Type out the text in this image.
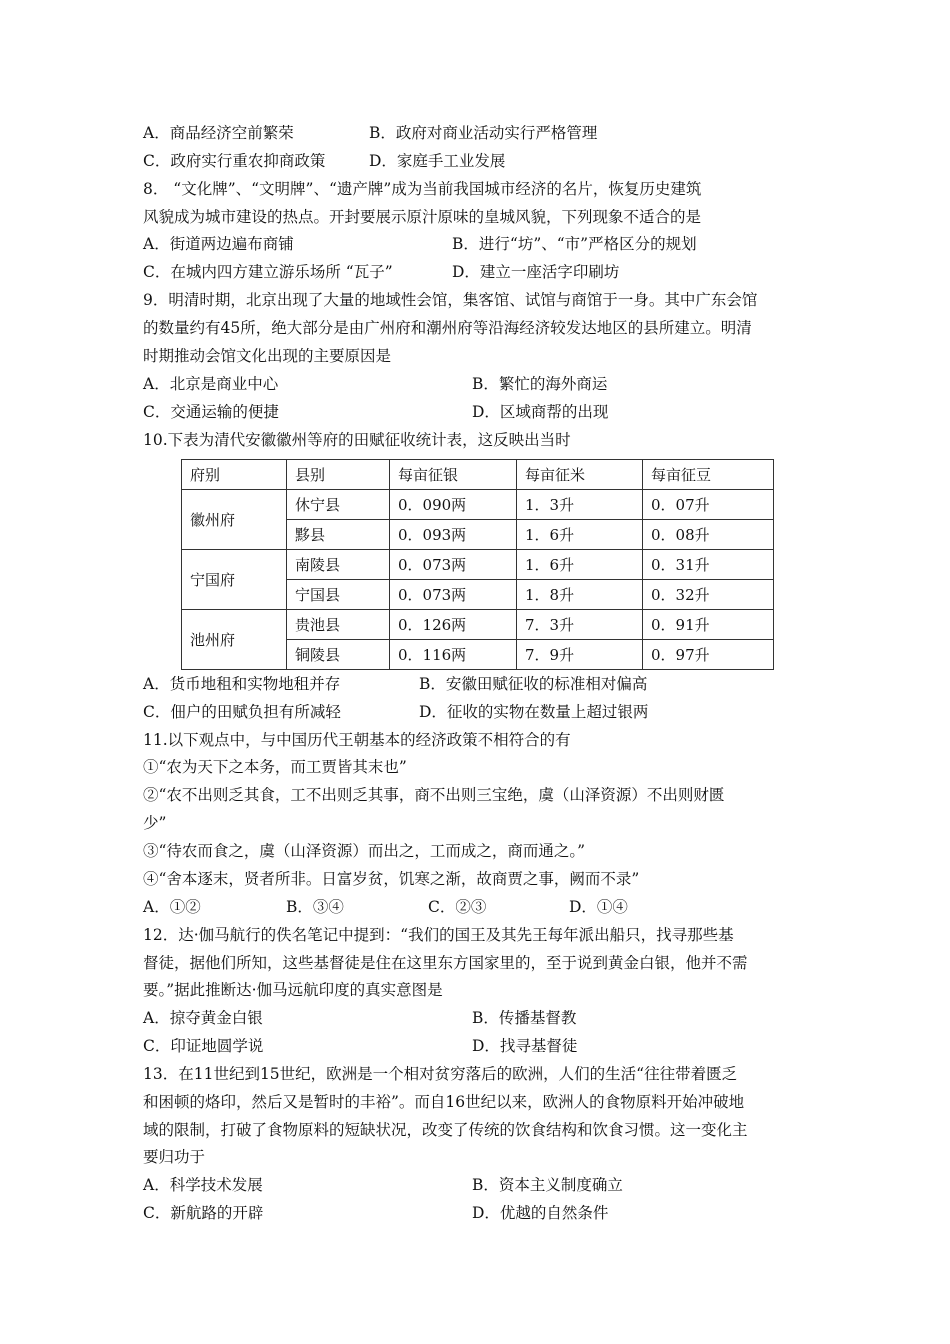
A．商品经济空前繁荣	B．政府对商业活动实行严格管理
C．政府实行重农抑商政策	D．家庭手工业发展
8． “文化牌”、“文明牌”、“遗产牌”成为当前我国城市经济的名片，恢复历史建筑
风貌成为城市建设的热点。开封要展示原汁原味的皇城风貌，下列现象不适合的是
A．街道两边遍布商铺	B．进行“坊”、“市”严格区分的规划
C．在城内四方建立游乐场所 “瓦子”	D．建立一座活字印刷坊
9．明清时期，北京出现了大量的地域性会馆，集客馆、试馆与商馆于一身。其中广东会馆
的数量约有45所，绝大部分是由广州府和潮州府等沿海经济较发达地区的县所建立。明清
时期推动会馆文化出现的主要原因是
A．北京是商业中心	B．繁忙的海外商运
C．交通运输的便捷	D．区域商帮的出现
10.下表为清代安徽徽州等府的田赋征收统计表，这反映出当时
府别	县别	每亩征银	每亩征米	每亩征豆
徽州府	休宁县	0．090两	1．3升	0．07升
	黟县	0．093两	1．6升	0．08升
宁国府	南陵县	0．073两	1．6升	0．31升
	宁国县	0．073两	1．8升	0．32升
池州府	贵池县	0．126两	7．3升	0．91升
	铜陵县	0．116两	7．9升	0．97升
A．货币地租和实物地租并存	B．安徽田赋征收的标准相对偏高
C．佃户的田赋负担有所减轻	D．征收的实物在数量上超过银两
11.以下观点中，与中国历代王朝基本的经济政策不相符合的有
①“农为天下之本务，而工贾皆其末也”
②“农不出则乏其食，工不出则乏其事，商不出则三宝绝，虞（山泽资源）不出则财匮
少”
③“待农而食之，虞（山泽资源）而出之，工而成之，商而通之。”
④“舍本逐末，贤者所非。日富岁贫，饥寒之渐，故商贾之事，阙而不录”
A．①②	B．③④	C．②③	D．①④
12．达·伽马航行的佚名笔记中提到：“我们的国王及其先王每年派出船只，找寻那些基
督徒，据他们所知，这些基督徒是住在这里东方国家里的，至于说到黄金白银，他并不需
要。”据此推断达·伽马远航印度的真实意图是
A．掠夺黄金白银	B．传播基督教
C．印证地圆学说	D．找寻基督徒
13．在11世纪到15世纪，欧洲是一个相对贫穷落后的欧洲，人们的生活“往往带着匮乏
和困顿的烙印，然后又是暂时的丰裕”。而自16世纪以来，欧洲人的食物原料开始冲破地
域的限制，打破了食物原料的短缺状况，改变了传统的饮食结构和饮食习惯。这一变化主
要归功于
A．科学技术发展	B．资本主义制度确立
C．新航路的开辟	D．优越的自然条件
